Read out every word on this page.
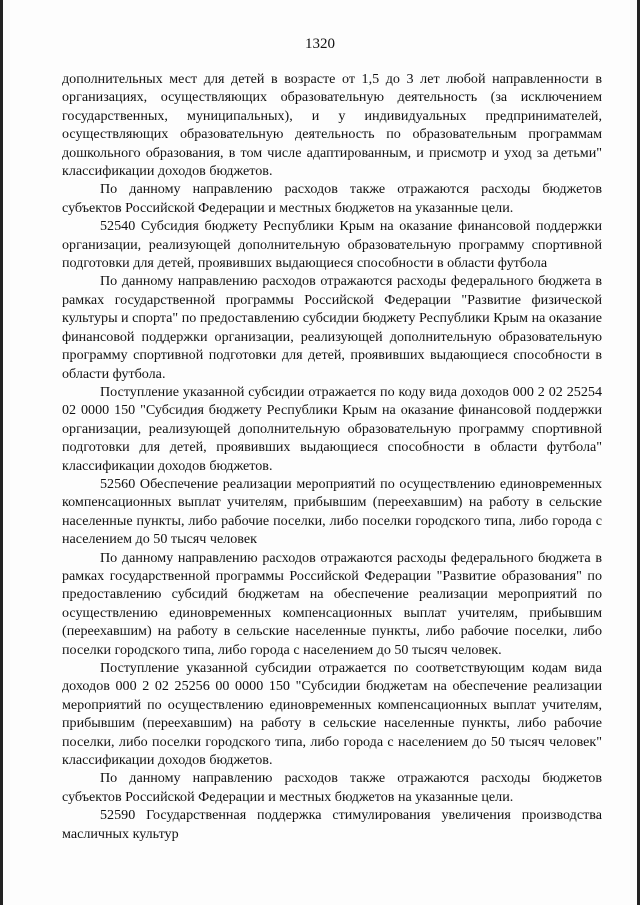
1320

дополнительных мест для детей в возрасте от 1,5 до 3 лет любой направленности в организациях, осуществляющих образовательную деятельность (за исключением государственных, муниципальных), и у индивидуальных предпринимателей, осуществляющих образовательную деятельность по образовательным программам дошкольного образования, в том числе адаптированным, и присмотр и уход за детьми" классификации доходов бюджетов.

По данному направлению расходов также отражаются расходы бюджетов субъектов Российской Федерации и местных бюджетов на указанные цели.

52540 Субсидия бюджету Республики Крым на оказание финансовой поддержки организации, реализующей дополнительную образовательную программу спортивной подготовки для детей, проявивших выдающиеся способности в области футбола

По данному направлению расходов отражаются расходы федерального бюджета в рамках государственной программы Российской Федерации "Развитие физической культуры и спорта" по предоставлению субсидии бюджету Республики Крым на оказание финансовой поддержки организации, реализующей дополнительную образовательную программу спортивной подготовки для детей, проявивших выдающиеся способности в области футбола.

Поступление указанной субсидии отражается по коду вида доходов 000 2 02 25254 02 0000 150 "Субсидия бюджету Республики Крым на оказание финансовой поддержки организации, реализующей дополнительную образовательную программу спортивной подготовки для детей, проявивших выдающиеся способности в области футбола" классификации доходов бюджетов.

52560 Обеспечение реализации мероприятий по осуществлению единовременных компенсационных выплат учителям, прибывшим (переехавшим) на работу в сельские населенные пункты, либо рабочие поселки, либо поселки городского типа, либо города с населением до 50 тысяч человек

По данному направлению расходов отражаются расходы федерального бюджета в рамках государственной программы Российской Федерации "Развитие образования" по предоставлению субсидий бюджетам на обеспечение реализации мероприятий по осуществлению единовременных компенсационных выплат учителям, прибывшим (переехавшим) на работу в сельские населенные пункты, либо рабочие поселки, либо поселки городского типа, либо города с населением до 50 тысяч человек.

Поступление указанной субсидии отражается по соответствующим кодам вида доходов 000 2 02 25256 00 0000 150 "Субсидии бюджетам на обеспечение реализации мероприятий по осуществлению единовременных компенсационных выплат учителям, прибывшим (переехавшим) на работу в сельские населенные пункты, либо рабочие поселки, либо поселки городского типа, либо города с населением до 50 тысяч человек" классификации доходов бюджетов.

По данному направлению расходов также отражаются расходы бюджетов субъектов Российской Федерации и местных бюджетов на указанные цели.

52590 Государственная поддержка стимулирования увеличения производства масличных культур
